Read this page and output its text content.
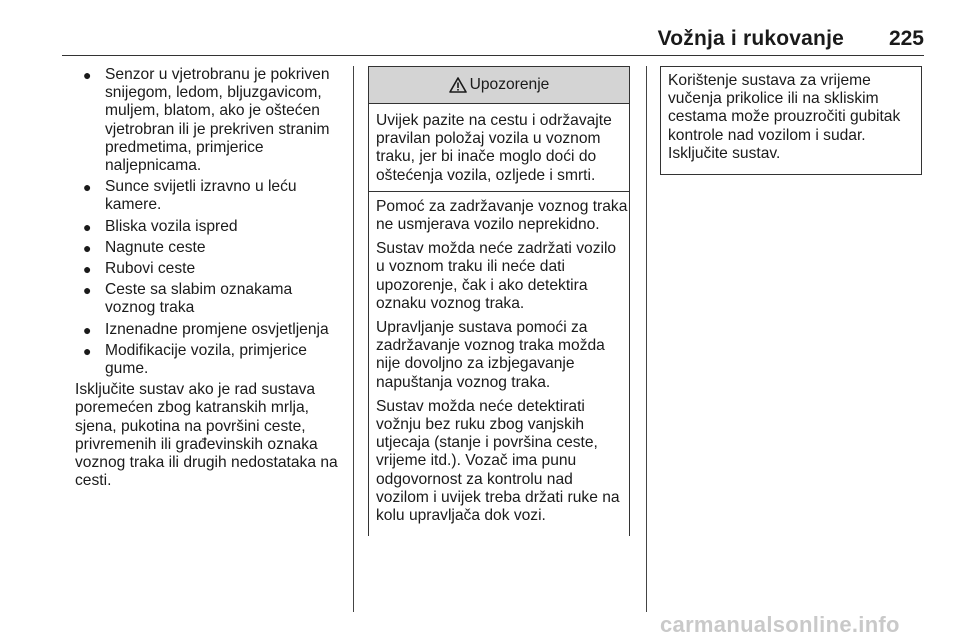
Vožnja i rukovanje 225
● Senzor u vjetrobranu je pokriven snijegom, ledom, bljuzgavicom, muljem, blatom, ako je oštećen vjetrobran ili je prekriven stranim predmetima, primjerice naljepnicama.
● Sunce svijetli izravno u leću kamere.
● Bliska vozila ispred
● Nagnute ceste
● Rubovi ceste
● Ceste sa slabim oznakama voznog traka
● Iznenadne promjene osvjetljenja
● Modifikacije vozila, primjerice gume.

Isključite sustav ako je rad sustava poremećen zbog katranskih mrlja, sjena, pukotina na površini ceste, privremenih ili građevinskih oznaka voznog traka ili drugih nedostataka na cesti.

Upozorenje

Uvijek pazite na cestu i održavajte pravilan položaj vozila u voznom traku, jer bi inače moglo doći do oštećenja vozila, ozljede i smrti.

Pomoć za zadržavanje voznog traka ne usmjerava vozilo neprekidno.

Sustav možda neće zadržati vozilo u voznom traku ili neće dati upozorenje, čak i ako detektira oznaku voznog traka.

Upravljanje sustava pomoći za zadržavanje voznog traka možda nije dovoljno za izbjegavanje napuštanja voznog traka.

Sustav možda neće detektirati vožnju bez ruku zbog vanjskih utjecaja (stanje i površina ceste, vrijeme itd.). Vozač ima punu odgovornost za kontrolu nad vozilom i uvijek treba držati ruke na kolu upravljača dok vozi.

Korištenje sustava za vrijeme vučenja prikolice ili na skliskim cestama može prouzročiti gubitak kontrole nad vozilom i sudar. Isključite sustav.

carmanualsonline.info
